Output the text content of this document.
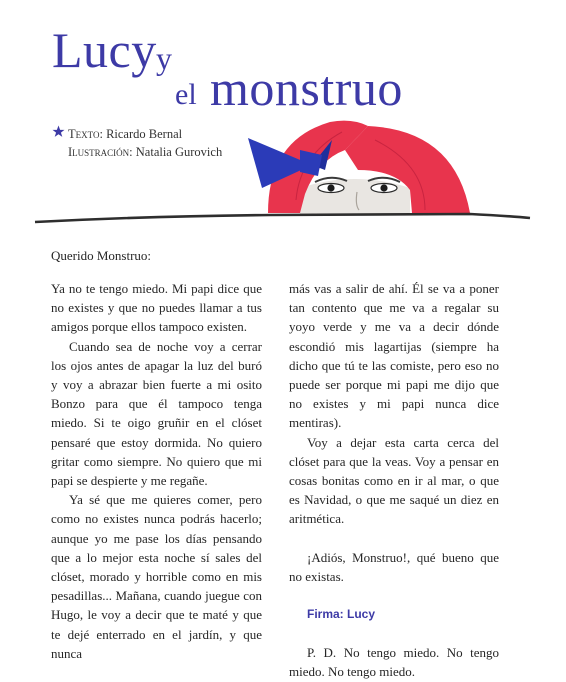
Lucy y
el monstruo
Texto: Ricardo Bernal
Ilustración: Natalia Gurovich
Querido Monstruo:

Ya no te tengo miedo. Mi papi dice que no existes y que no puedes llamar a tus amigos porque ellos tampoco existen.

Cuando sea de noche voy a cerrar los ojos antes de apagar la luz del buró y voy a abrazar bien fuerte a mi osito Bonzo para que él tampoco tenga miedo. Si te oigo gruñir en el clóset pensaré que estoy dormida. No quiero gritar como siempre. No quiero que mi papi se despierte y me regañe.

Ya sé que me quieres comer, pero como no existes nunca podrás hacerlo; aunque yo me pase los días pensando que a lo mejor esta noche sí sales del clóset, morado y horrible como en mis pesadillas... Mañana, cuando juegue con Hugo, le voy a decir que te maté y que te dejé enterrado en el jardín, y que nunca

más vas a salir de ahí. Él se va a poner tan contento que me va a regalar su yoyo verde y me va a decir dónde escondió mis lagartijas (siempre ha dicho que tú te las comiste, pero eso no puede ser porque mi papi me dijo que no existes y mi papi nunca dice mentiras).

Voy a dejar esta carta cerca del clóset para que la veas. Voy a pensar en cosas bonitas como en ir al mar, o que es Navidad, o que me saqué un diez en aritmética.

¡Adiós, Monstruo!, qué bueno que no existas.

Firma: Lucy

P. D. No tengo miedo. No tengo miedo. No tengo miedo.
